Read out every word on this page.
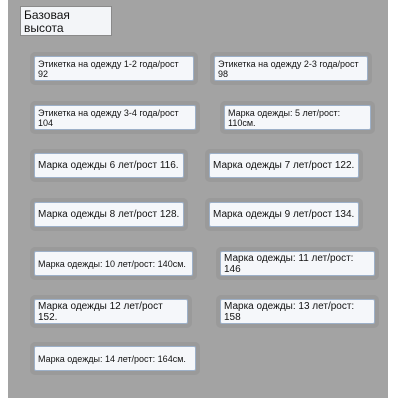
Базовая
высота
Этикетка на одежду 1-2 года/рост
92
Этикетка на одежду 2-3 года/рост
98
Этикетка на одежду 3-4 года/рост
104
Марка одежды: 5 лет/рост:
110см.
Марка одежды 6 лет/рост 116.	Марка одежды 7 лет/рост 122.
Марка одежды 8 лет/рост 128.	Марка одежды 9 лет/рост 134.
Марка одежды: 10 лет/рост: 140см.	Марка одежды: 11 лет/рост: 146
Марка одежды 12 лет/рост 152.
Марка одежды: 13 лет/рост: 158
Марка одежды: 14 лет/рост: 164см.
